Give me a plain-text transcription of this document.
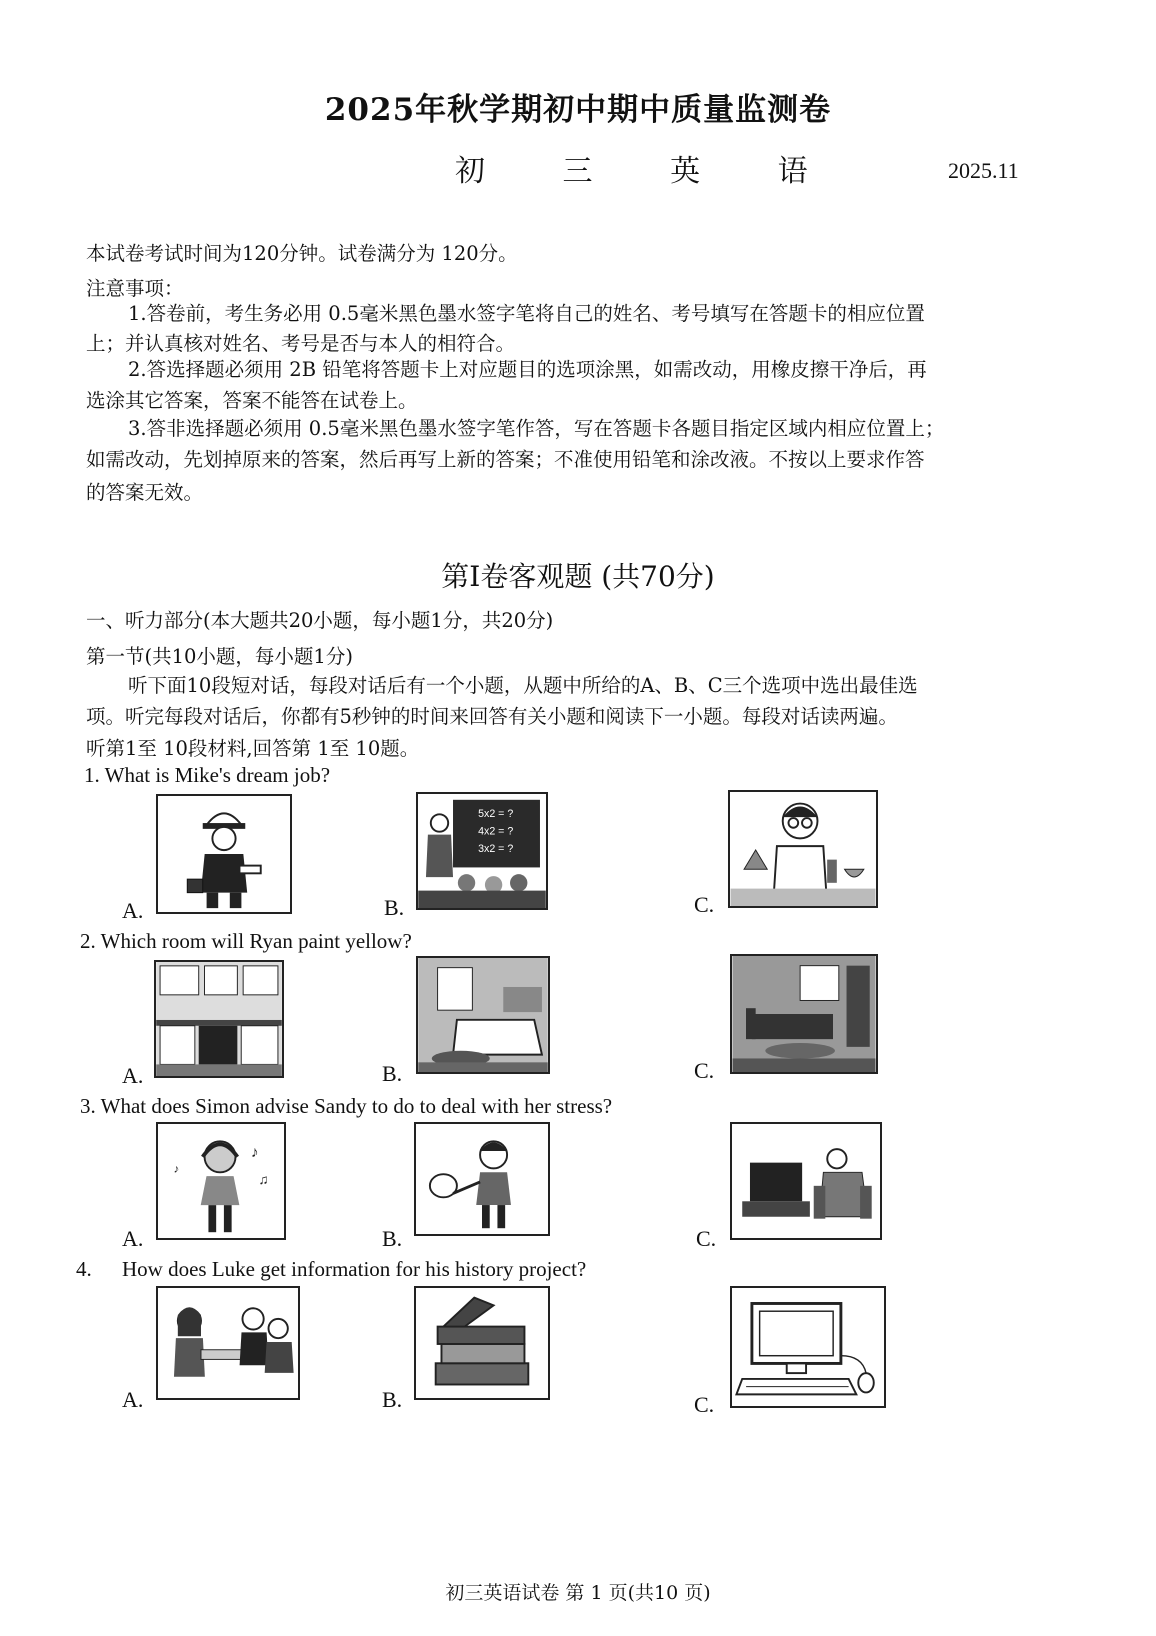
2025年秋学期初中期中质量监测卷
初 三 英 语	2025.11
本试卷考试时间为120分钟。试卷满分为 120分。
注意事项：
1.答卷前，考生务必用 0.5毫米黑色墨水签字笔将自己的姓名、考号填写在答题卡的相应位置
上；并认真核对姓名、考号是否与本人的相符合。
2.答选择题必须用 2B 铅笔将答题卡上对应题目的选项涂黑，如需改动，用橡皮擦干净后，再
选涂其它答案，答案不能答在试卷上。
3.答非选择题必须用 0.5毫米黑色墨水签字笔作答，写在答题卡各题目指定区域内相应位置上；
如需改动，先划掉原来的答案，然后再写上新的答案；不准使用铅笔和涂改液。不按以上要求作答
的答案无效。
第Ⅰ卷客观题 (共70分)
一、听力部分(本大题共20小题，每小题1分，共20分)
第一节(共10小题，每小题1分)
听下面10段短对话，每段对话后有一个小题，从题中所给的A、B、C三个选项中选出最佳选
项。听完每段对话后，你都有5秒钟的时间来回答有关小题和阅读下一小题。每段对话读两遍。
听第1至 10段材料,回答第 1至 10题。
1. What is Mike's dream job?
A.	B.
5x2 = ?
4x2 = ?
3x2 = ?
C.
2. Which room will Ryan paint yellow?
A.	B.	C.
3. What does Simon advise Sandy to do to deal with her stress?
A.
♪
♫
♪
B.	C.
4. How does Luke get information for his history project?
A.	B.	C.
初三英语试卷 第 1 页(共10 页)
